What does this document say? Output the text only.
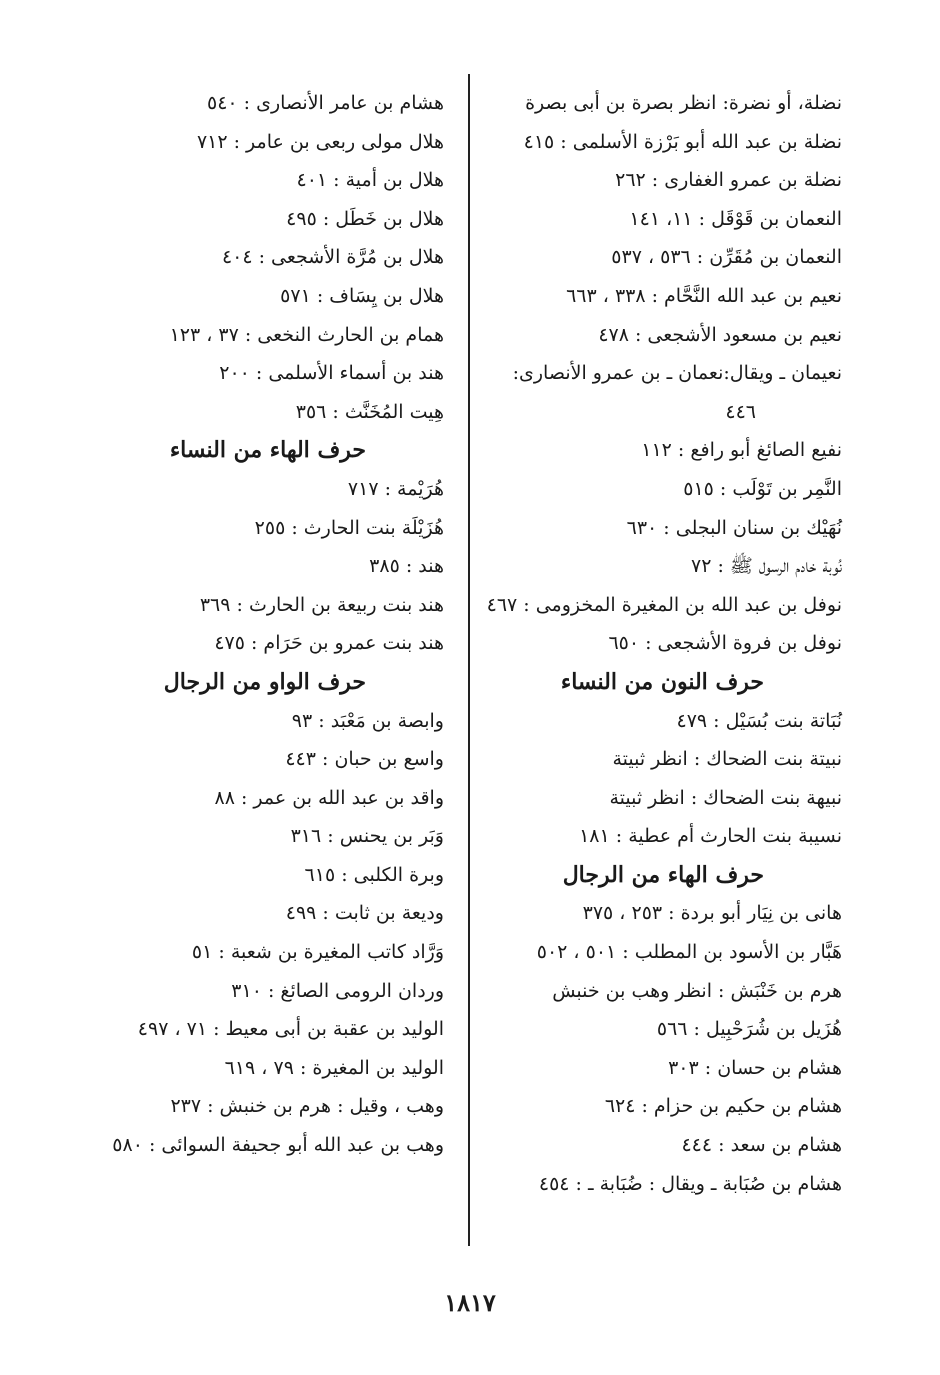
نضلة، أو نضرة: انظر بصرة بن أبى بصرة
نضلة بن عبد الله أبو بَرْزة الأسلمى : ٤١٥
نضلة بن عمرو الغفارى : ٢٦٢
النعمان بن قَوْقَل : ١١، ١٤١
النعمان بن مُقَرِّن : ٥٣٦ ، ٥٣٧
نعيم بن عبد الله النَّحَّام : ٣٣٨ ، ٦٦٣
نعيم بن مسعود الأشجعى : ٤٧٨
نعيمان ـ ويقال:نعمان ـ بن عمرو الأنصارى:
٤٤٦
نفيع الصائغ أبو رافع : ١١٢
النَّمِر بن تَوْلَب : ٥١٥
نُهَيْك بن سنان البجلى : ٦٣٠
نُوبة خادم الرسول ﷺ : ٧٢
نوفل بن عبد الله بن المغيرة المخزومى : ٤٦٧
نوفل بن فروة الأشجعى : ٦٥٠
حرف النون من النساء
نُبَاتة بنت بُسَيْل : ٤٧٩
نبيتة بنت الضحاك : انظر ثبيتة
نبيهة بنت الضحاك : انظر ثبيتة
نسيبة بنت الحارث أم عطية : ١٨١
حرف الهاء من الرجال
هانى بن نِيَار أبو بردة : ٢٥٣ ، ٣٧٥
هَبَّار بن الأسود بن المطلب : ٥٠١ ، ٥٠٢
هرم بن خَنْبَش : انظر وهب بن خنبش
هُزَيل بن شُرَحْبِيل : ٥٦٦
هشام بن حسان : ٣٠٣
هشام بن حكيم بن حزام : ٦٢٤
هشام بن سعد : ٤٤٤
هشام بن صُبَابة ـ ويقال : ضُبَابة ـ : ٤٥٤
هشام بن عامر الأنصارى : ٥٤٠
هلال مولى ربعى بن عامر : ٧١٢
هلال بن أمية : ٤٠١
هلال بن خَطَل : ٤٩٥
هلال بن مُرَّة الأشجعى : ٤٠٤
هلال بن يِسَاف : ٥٧١
همام بن الحارث النخعى : ٣٧ ، ١٢٣
هند بن أسماء الأسلمى : ٢٠٠
هِيت المُخَنَّث : ٣٥٦
حرف الهاء من النساء
هُرَيْمة : ٧١٧
هُزَيْلَة بنت الحارث : ٢٥٥
هند : ٣٨٥
هند بنت ربيعة بن الحارث : ٣٦٩
هند بنت عمرو بن حَرَام : ٤٧٥
حرف الواو من الرجال
وابصة بن مَعْبَد : ٩٣
واسع بن حبان : ٤٤٣
واقد بن عبد الله بن عمر : ٨٨
وَبَر بن يحنس : ٣١٦
وبرة الكلبى : ٦١٥
وديعة بن ثابت : ٤٩٩
وَرَّاد كاتب المغيرة بن شعبة : ٥١
وردان الرومى الصائغ : ٣١٠
الوليد بن عقبة بن أبى معيط : ٧١ ، ٤٩٧
الوليد بن المغيرة : ٧٩ ، ٦١٩
وهب ، وقيل : هرم بن خنبش : ٢٣٧
وهب بن عبد الله أبو جحيفة السوائى : ٥٨٠
١٨١٧
